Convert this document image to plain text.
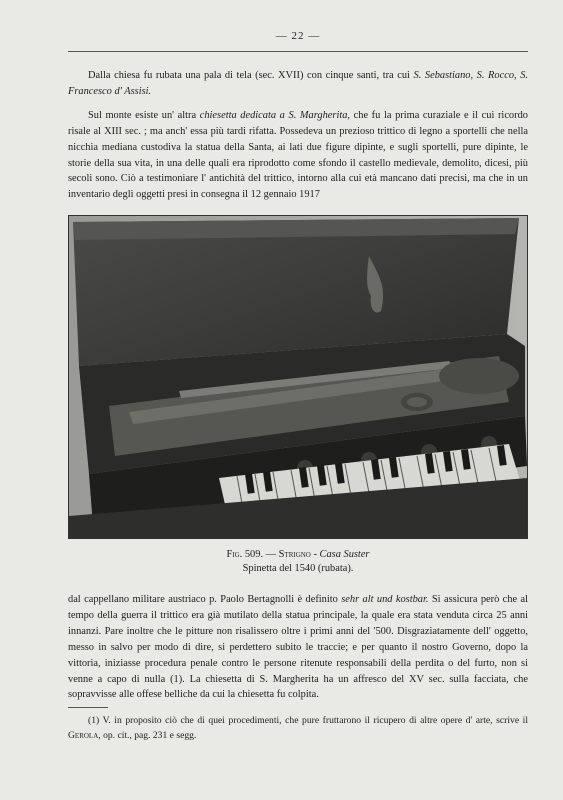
— 22 —

Dalla chiesa fu rubata una pala di tela (sec. XVII) con cinque santi, tra cui S. Sebastiano, S. Rocco, S. Francesco d' Assisi.

Sul monte esiste un' altra chiesetta dedicata a S. Margherita, che fu la prima curaziale e il cui ricordo risale al XIII sec. ; ma anch' essa più tardi rifatta. Possedeva un prezioso trittico di legno a sportelli che nella nicchia mediana custodiva la statua della Santa, ai lati due figure dipinte, e sugli sportelli, pure dipinte, le storie della sua vita, in una delle quali era riprodotto come sfondo il castello medievale, demolito, dicesi, più secoli sono. Ciò a testimoniare l' antichità del trittico, intorno alla cui età mancano dati precisi, ma che in un inventario degli oggetti presi in consegna il 12 gennaio 1917

Fig. 509. — Strigno - Casa Suster
Spinetta del 1540 (rubata).

dal cappellano militare austriaco p. Paolo Bertagnolli è definito sehr alt und kostbar. Si assicura però che al tempo della guerra il trittico era già mutilato della statua principale, la quale era stata venduta circa 25 anni innanzi. Pare inoltre che le pitture non risalissero oltre i primi anni del '500. Disgraziatamente dell' oggetto, messo in salvo per modo di dire, si perdettero subito le traccie; e per quanto il nostro Governo, dopo la vittoria, iniziasse procedura penale contro le persone ritenute responsabili della perdita o del furto, non si venne a capo di nulla (1). La chiesetta di S. Margherita ha un affresco del XV sec. sulla facciata, che sopravvisse alle offese belliche da cui la chiesetta fu colpita.

(1) V. in proposito ciò che di quei procedimenti, che pure fruttarono il ricupero di altre opere d' arte, scrive il Gerola, op. cit., pag. 231 e segg.
